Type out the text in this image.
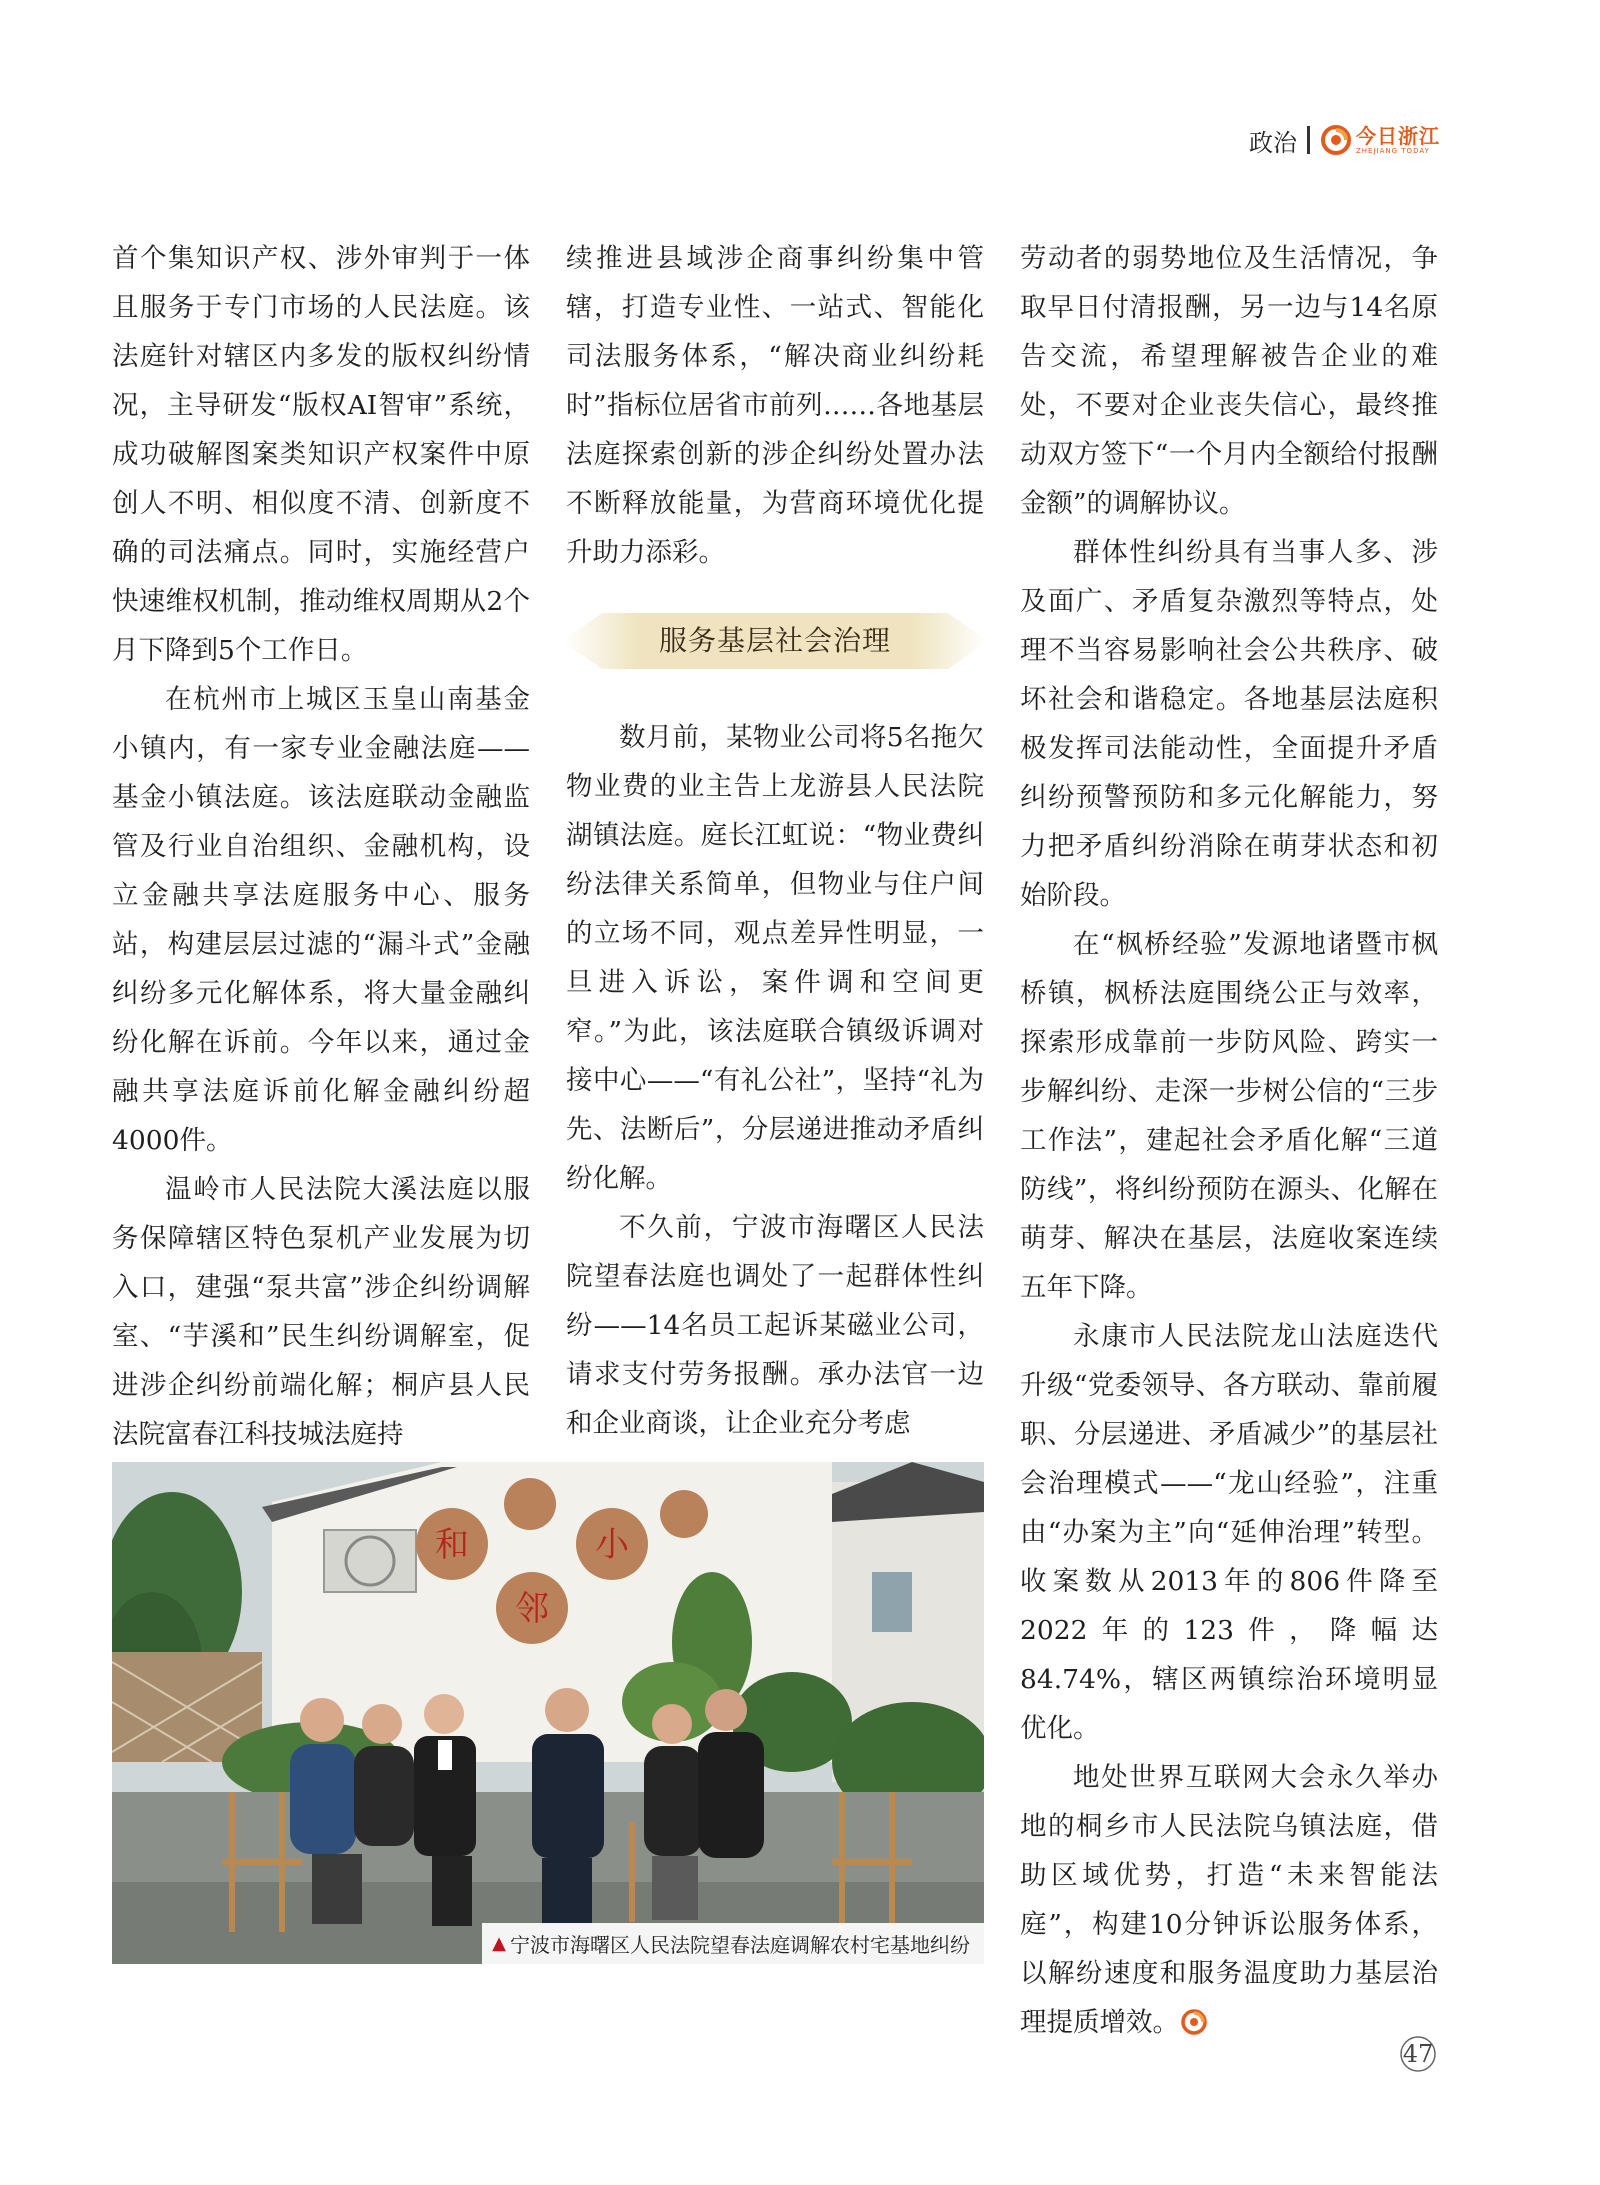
政治	今日浙江
ZHEJIANG TODAY

首个集知识产权、涉外审判于一体且服务于专门市场的人民法庭。该法庭针对辖区内多发的版权纠纷情况，主导研发“版权AI智审”系统，成功破解图案类知识产权案件中原创人不明、相似度不清、创新度不确的司法痛点。同时，实施经营户快速维权机制，推动维权周期从2个月下降到5个工作日。

在杭州市上城区玉皇山南基金小镇内，有一家专业金融法庭——基金小镇法庭。该法庭联动金融监管及行业自治组织、金融机构，设立金融共享法庭服务中心、服务站，构建层层过滤的“漏斗式”金融纠纷多元化解体系，将大量金融纠纷化解在诉前。今年以来，通过金融共享法庭诉前化解金融纠纷超4000件。

温岭市人民法院大溪法庭以服务保障辖区特色泵机产业发展为切入口，建强“泵共富”涉企纠纷调解室、“芋溪和”民生纠纷调解室，促进涉企纠纷前端化解；桐庐县人民法院富春江科技城法庭持

续推进县域涉企商事纠纷集中管辖，打造专业性、一站式、智能化司法服务体系，“解决商业纠纷耗时”指标位居省市前列……各地基层法庭探索创新的涉企纠纷处置办法不断释放能量，为营商环境优化提升助力添彩。

服务基层社会治理

数月前，某物业公司将5名拖欠物业费的业主告上龙游县人民法院湖镇法庭。庭长江虹说：“物业费纠纷法律关系简单，但物业与住户间的立场不同，观点差异性明显，一旦进入诉讼，案件调和空间更窄。”为此，该法庭联合镇级诉调对接中心——“有礼公社”，坚持“礼为先、法断后”，分层递进推动矛盾纠纷化解。

不久前，宁波市海曙区人民法院望春法庭也调处了一起群体性纠纷——14名员工起诉某磁业公司，请求支付劳务报酬。承办法官一边和企业商谈，让企业充分考虑

劳动者的弱势地位及生活情况，争取早日付清报酬，另一边与14名原告交流，希望理解被告企业的难处，不要对企业丧失信心，最终推动双方签下“一个月内全额给付报酬金额”的调解协议。

群体性纠纷具有当事人多、涉及面广、矛盾复杂激烈等特点，处理不当容易影响社会公共秩序、破坏社会和谐稳定。各地基层法庭积极发挥司法能动性，全面提升矛盾纠纷预警预防和多元化解能力，努力把矛盾纠纷消除在萌芽状态和初始阶段。

在“枫桥经验”发源地诸暨市枫桥镇，枫桥法庭围绕公正与效率，探索形成靠前一步防风险、跨实一步解纠纷、走深一步树公信的“三步工作法”，建起社会矛盾化解“三道防线”，将纠纷预防在源头、化解在萌芽、解决在基层，法庭收案连续五年下降。

永康市人民法院龙山法庭迭代升级“党委领导、各方联动、靠前履职、分层递进、矛盾减少”的基层社会治理模式——“龙山经验”，注重由“办案为主”向“延伸治理”转型。收案数从2013年的806件降至2022年的123件，降幅达84.74%，辖区两镇综治环境明显优化。

地处世界互联网大会永久举办地的桐乡市人民法院乌镇法庭，借助区域优势，打造“未来智能法庭”，构建10分钟诉讼服务体系，以解纷速度和服务温度助力基层治理提质增效。

和	小
邻
▲ 宁波市海曙区人民法院望春法庭调解农村宅基地纠纷
47
